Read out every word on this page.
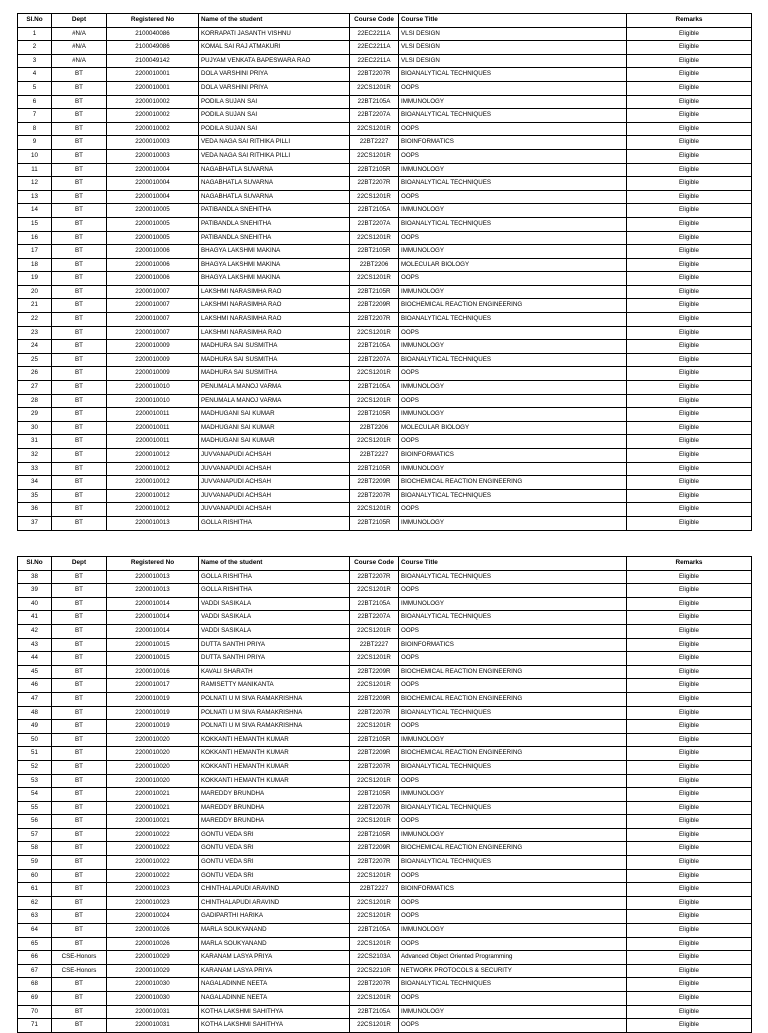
Sl.No	Dept	Registered No	Name of the student	Course Code	Course Title	Remarks
1	#N/A	2100040086	KORRAPATI JASANTH VISHNU	22EC2211A	VLSI DESIGN	Eligible
2	#N/A	2100049086	KOMAL SAI RAJ ATMAKURI	22EC2211A	VLSI DESIGN	Eligible
3	#N/A	2100049142	PUJYAM VENKATA BAPESWARA RAO	22EC2211A	VLSI DESIGN	Eligible
4	BT	2200010001	DOLA VARSHINI PRIYA	22BT2207R	BIOANALYTICAL TECHNIQUES	Eligible
5	BT	2200010001	DOLA VARSHINI PRIYA	22CS1201R	OOPS	Eligible
6	BT	2200010002	PODILA SUJAN SAI	22BT2105A	IMMUNOLOGY	Eligible
7	BT	2200010002	PODILA SUJAN SAI	22BT2207A	BIOANALYTICAL TECHNIQUES	Eligible
8	BT	2200010002	PODILA SUJAN SAI	22CS1201R	OOPS	Eligible
9	BT	2200010003	VEDA NAGA SAI RITHIKA PILLI	22BT2227	BIOINFORMATICS	Eligible
10	BT	2200010003	VEDA NAGA SAI RITHIKA PILLI	22CS1201R	OOPS	Eligible
11	BT	2200010004	NAGABHATLA SUVARNA	22BT2105R	IMMUNOLOGY	Eligible
12	BT	2200010004	NAGABHATLA SUVARNA	22BT2207R	BIOANALYTICAL TECHNIQUES	Eligible
13	BT	2200010004	NAGABHATLA SUVARNA	22CS1201R	OOPS	Eligible
14	BT	2200010005	PATIBANDLA SNEHITHA	22BT2105A	IMMUNOLOGY	Eligible
15	BT	2200010005	PATIBANDLA SNEHITHA	22BT2207A	BIOANALYTICAL TECHNIQUES	Eligible
16	BT	2200010005	PATIBANDLA SNEHITHA	22CS1201R	OOPS	Eligible
17	BT	2200010006	BHAGYA LAKSHMI MAKINA	22BT2105R	IMMUNOLOGY	Eligible
18	BT	2200010006	BHAGYA LAKSHMI MAKINA	22BT2206	MOLECULAR BIOLOGY	Eligible
19	BT	2200010006	BHAGYA LAKSHMI MAKINA	22CS1201R	OOPS	Eligible
20	BT	2200010007	LAKSHMI NARASIMHA RAO	22BT2105R	IMMUNOLOGY	Eligible
21	BT	2200010007	LAKSHMI NARASIMHA RAO	22BT2209R	BIOCHEMICAL REACTION ENGINEERING	Eligible
22	BT	2200010007	LAKSHMI NARASIMHA RAO	22BT2207R	BIOANALYTICAL TECHNIQUES	Eligible
23	BT	2200010007	LAKSHMI NARASIMHA RAO	22CS1201R	OOPS	Eligible
24	BT	2200010009	MADHURA SAI SUSMITHA	22BT2105A	IMMUNOLOGY	Eligible
25	BT	2200010009	MADHURA SAI SUSMITHA	22BT2207A	BIOANALYTICAL TECHNIQUES	Eligible
26	BT	2200010009	MADHURA SAI SUSMITHA	22CS1201R	OOPS	Eligible
27	BT	2200010010	PENUMALA MANOJ VARMA	22BT2105A	IMMUNOLOGY	Eligible
28	BT	2200010010	PENUMALA MANOJ VARMA	22CS1201R	OOPS	Eligible
29	BT	2200010011	MADHUGANI SAI KUMAR	22BT2105R	IMMUNOLOGY	Eligible
30	BT	2200010011	MADHUGANI SAI KUMAR	22BT2206	MOLECULAR BIOLOGY	Eligible
31	BT	2200010011	MADHUGANI SAI KUMAR	22CS1201R	OOPS	Eligible
32	BT	2200010012	JUVVANAPUDI ACHSAH	22BT2227	BIOINFORMATICS	Eligible
33	BT	2200010012	JUVVANAPUDI ACHSAH	22BT2105R	IMMUNOLOGY	Eligible
34	BT	2200010012	JUVVANAPUDI ACHSAH	22BT2209R	BIOCHEMICAL REACTION ENGINEERING	Eligible
35	BT	2200010012	JUVVANAPUDI ACHSAH	22BT2207R	BIOANALYTICAL TECHNIQUES	Eligible
36	BT	2200010012	JUVVANAPUDI ACHSAH	22CS1201R	OOPS	Eligible
37	BT	2200010013	GOLLA RISHITHA	22BT2105R	IMMUNOLOGY	Eligible
Sl.No	Dept	Registered No	Name of the student	Course Code	Course Title	Remarks
38	BT	2200010013	GOLLA RISHITHA	22BT2207R	BIOANALYTICAL TECHNIQUES	Eligible
39	BT	2200010013	GOLLA RISHITHA	22CS1201R	OOPS	Eligible
40	BT	2200010014	VADDI SASIKALA	22BT2105A	IMMUNOLOGY	Eligible
41	BT	2200010014	VADDI SASIKALA	22BT2207A	BIOANALYTICAL TECHNIQUES	Eligible
42	BT	2200010014	VADDI SASIKALA	22CS1201R	OOPS	Eligible
43	BT	2200010015	DUTTA SANTHI PRIYA	22BT2227	BIOINFORMATICS	Eligible
44	BT	2200010015	DUTTA SANTHI PRIYA	22CS1201R	OOPS	Eligible
45	BT	2200010016	KAVALI SHARATH	22BT2209R	BIOCHEMICAL REACTION ENGINEERING	Eligible
46	BT	2200010017	RAMISETTY MANIKANTA	22CS1201R	OOPS	Eligible
47	BT	2200010019	POLNATI U M SIVA RAMAKRISHNA	22BT2209R	BIOCHEMICAL REACTION ENGINEERING	Eligible
48	BT	2200010019	POLNATI U M SIVA RAMAKRISHNA	22BT2207R	BIOANALYTICAL TECHNIQUES	Eligible
49	BT	2200010019	POLNATI U M SIVA RAMAKRISHNA	22CS1201R	OOPS	Eligible
50	BT	2200010020	KOKKANTI HEMANTH KUMAR	22BT2105R	IMMUNOLOGY	Eligible
51	BT	2200010020	KOKKANTI HEMANTH KUMAR	22BT2209R	BIOCHEMICAL REACTION ENGINEERING	Eligible
52	BT	2200010020	KOKKANTI HEMANTH KUMAR	22BT2207R	BIOANALYTICAL TECHNIQUES	Eligible
53	BT	2200010020	KOKKANTI HEMANTH KUMAR	22CS1201R	OOPS	Eligible
54	BT	2200010021	MAREDDY BRUNDHA	22BT2105R	IMMUNOLOGY	Eligible
55	BT	2200010021	MAREDDY BRUNDHA	22BT2207R	BIOANALYTICAL TECHNIQUES	Eligible
56	BT	2200010021	MAREDDY BRUNDHA	22CS1201R	OOPS	Eligible
57	BT	2200010022	GONTU VEDA SRI	22BT2105R	IMMUNOLOGY	Eligible
58	BT	2200010022	GONTU VEDA SRI	22BT2209R	BIOCHEMICAL REACTION ENGINEERING	Eligible
59	BT	2200010022	GONTU VEDA SRI	22BT2207R	BIOANALYTICAL TECHNIQUES	Eligible
60	BT	2200010022	GONTU VEDA SRI	22CS1201R	OOPS	Eligible
61	BT	2200010023	CHINTHALAPUDI ARAVIND	22BT2227	BIOINFORMATICS	Eligible
62	BT	2200010023	CHINTHALAPUDI ARAVIND	22CS1201R	OOPS	Eligible
63	BT	2200010024	GADIPARTHI HARIKA	22CS1201R	OOPS	Eligible
64	BT	2200010026	MARLA SOUKYANAND	22BT2105A	IMMUNOLOGY	Eligible
65	BT	2200010026	MARLA SOUKYANAND	22CS1201R	OOPS	Eligible
66	CSE-Honors	2200010029	KARANAM LASYA PRIYA	22CS2103A	Advanced Object Oriented Programming	Eligible
67	CSE-Honors	2200010029	KARANAM LASYA PRIYA	22CS2210R	NETWORK PROTOCOLS & SECURITY	Eligible
68	BT	2200010030	NAGALADINNE NEETA	22BT2207R	BIOANALYTICAL TECHNIQUES	Eligible
69	BT	2200010030	NAGALADINNE NEETA	22CS1201R	OOPS	Eligible
70	BT	2200010031	KOTHA LAKSHMI SAHITHYA	22BT2105A	IMMUNOLOGY	Eligible
71	BT	2200010031	KOTHA LAKSHMI SAHITHYA	22CS1201R	OOPS	Eligible
